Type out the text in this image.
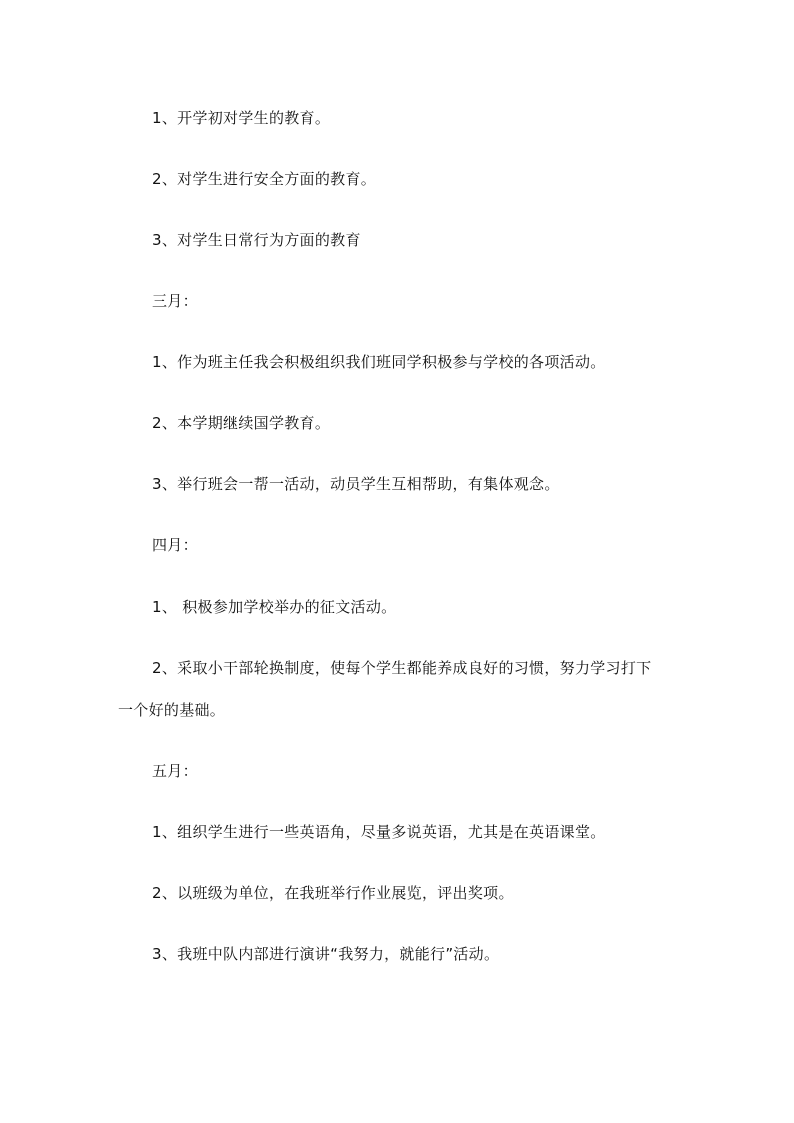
1、开学初对学生的教育。
2、对学生进行安全方面的教育。
3、对学生日常行为方面的教育
三月：
1、作为班主任我会积极组织我们班同学积极参与学校的各项活动。
2、本学期继续国学教育。
3、举行班会一帮一活动，动员学生互相帮助，有集体观念。
四月：
1、 积极参加学校举办的征文活动。
2、采取小干部轮换制度，使每个学生都能养成良好的习惯，努力学习打下
一个好的基础。
五月：
1、组织学生进行一些英语角，尽量多说英语，尤其是在英语课堂。
2、以班级为单位，在我班举行作业展览，评出奖项。
3、我班中队内部进行演讲“我努力，就能行”活动。
